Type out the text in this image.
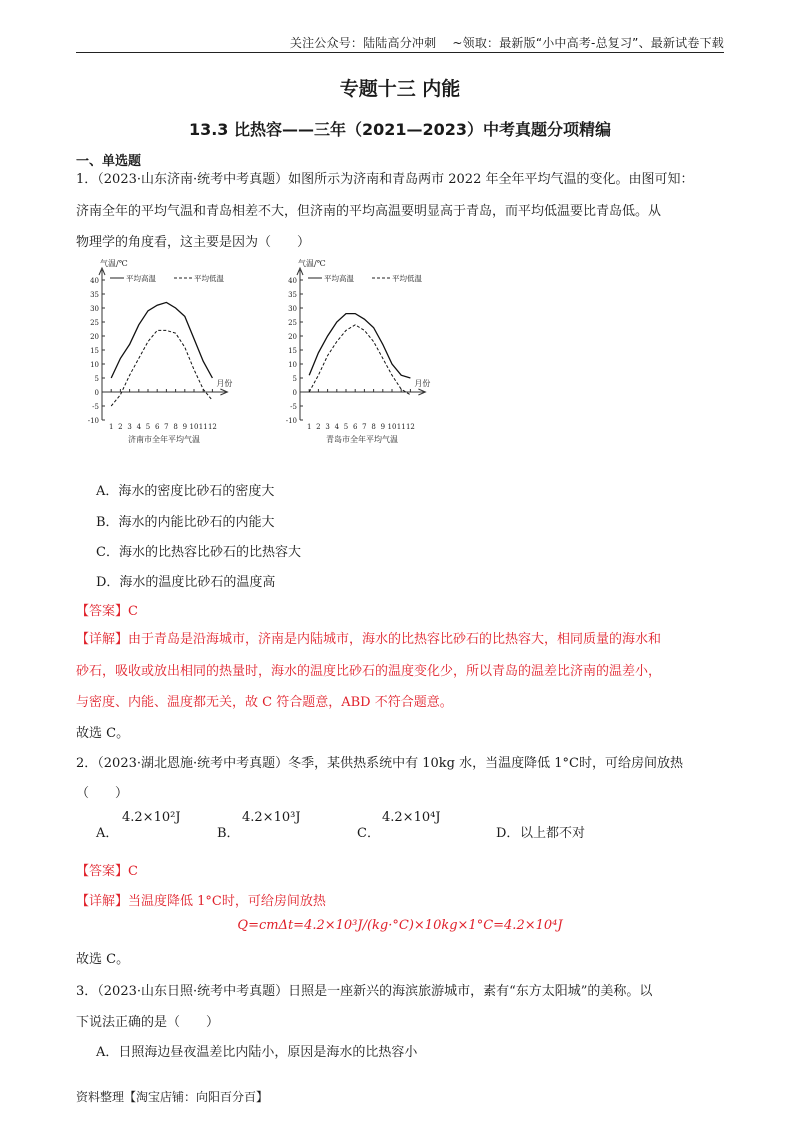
关注公众号：陆陆高分冲刺    ~领取：最新版“小中高考-总复习”、最新试卷下载
专题十三 内能
13.3 比热容——三年（2021—2023）中考真题分项精编
一、单选题
1．（2023·山东济南·统考中考真题）如图所示为济南和青岛两市 2022 年全年平均气温的变化。由图可知：
济南全年的平均气温和青岛相差不大，但济南的平均高温要明显高于青岛，而平均低温要比青岛低。从
物理学的角度看，这主要是因为（　　）
-10
-5
0
5
10
15
20
25
30
35
40
1 2 3 4 5 6 7 8 9 10 11 12
气温/℃
月份
济南市全年平均气温
平均高温	平均低温
-10
-5
0
5
10
15
20
25
30
35
40
1 2 3 4 5 6 7 8 9 10 11 12
气温/℃
月份
青岛市全年平均气温
平均高温	平均低温
A．海水的密度比砂石的密度大
B．海水的内能比砂石的内能大
C．海水的比热容比砂石的比热容大
D．海水的温度比砂石的温度高
【答案】C
【详解】由于青岛是沿海城市，济南是内陆城市，海水的比热容比砂石的比热容大，相同质量的海水和
砂石，吸收或放出相同的热量时，海水的温度比砂石的温度变化少，所以青岛的温差比济南的温差小，
与密度、内能、温度都无关，故 C 符合题意，ABD 不符合题意。
故选 C。
2．（2023·湖北恩施·统考中考真题）冬季，某供热系统中有 10kg 水，当温度降低 1°C时，可给房间放热
（　　）
A．
4.2×10²J
B．
4.2×10³J
C．
4.2×10⁴J
D． 以上都不对
【答案】C
【详解】当温度降低 1°C时，可给房间放热
Q=cmΔt=4.2×10³J/(kg·°C)×10kg×1°C=4.2×10⁴J
故选 C。
3．（2023·山东日照·统考中考真题）日照是一座新兴的海滨旅游城市，素有“东方太阳城”的美称。以
下说法正确的是（　　）
A．日照海边昼夜温差比内陆小，原因是海水的比热容小
资料整理【淘宝店铺：向阳百分百】
